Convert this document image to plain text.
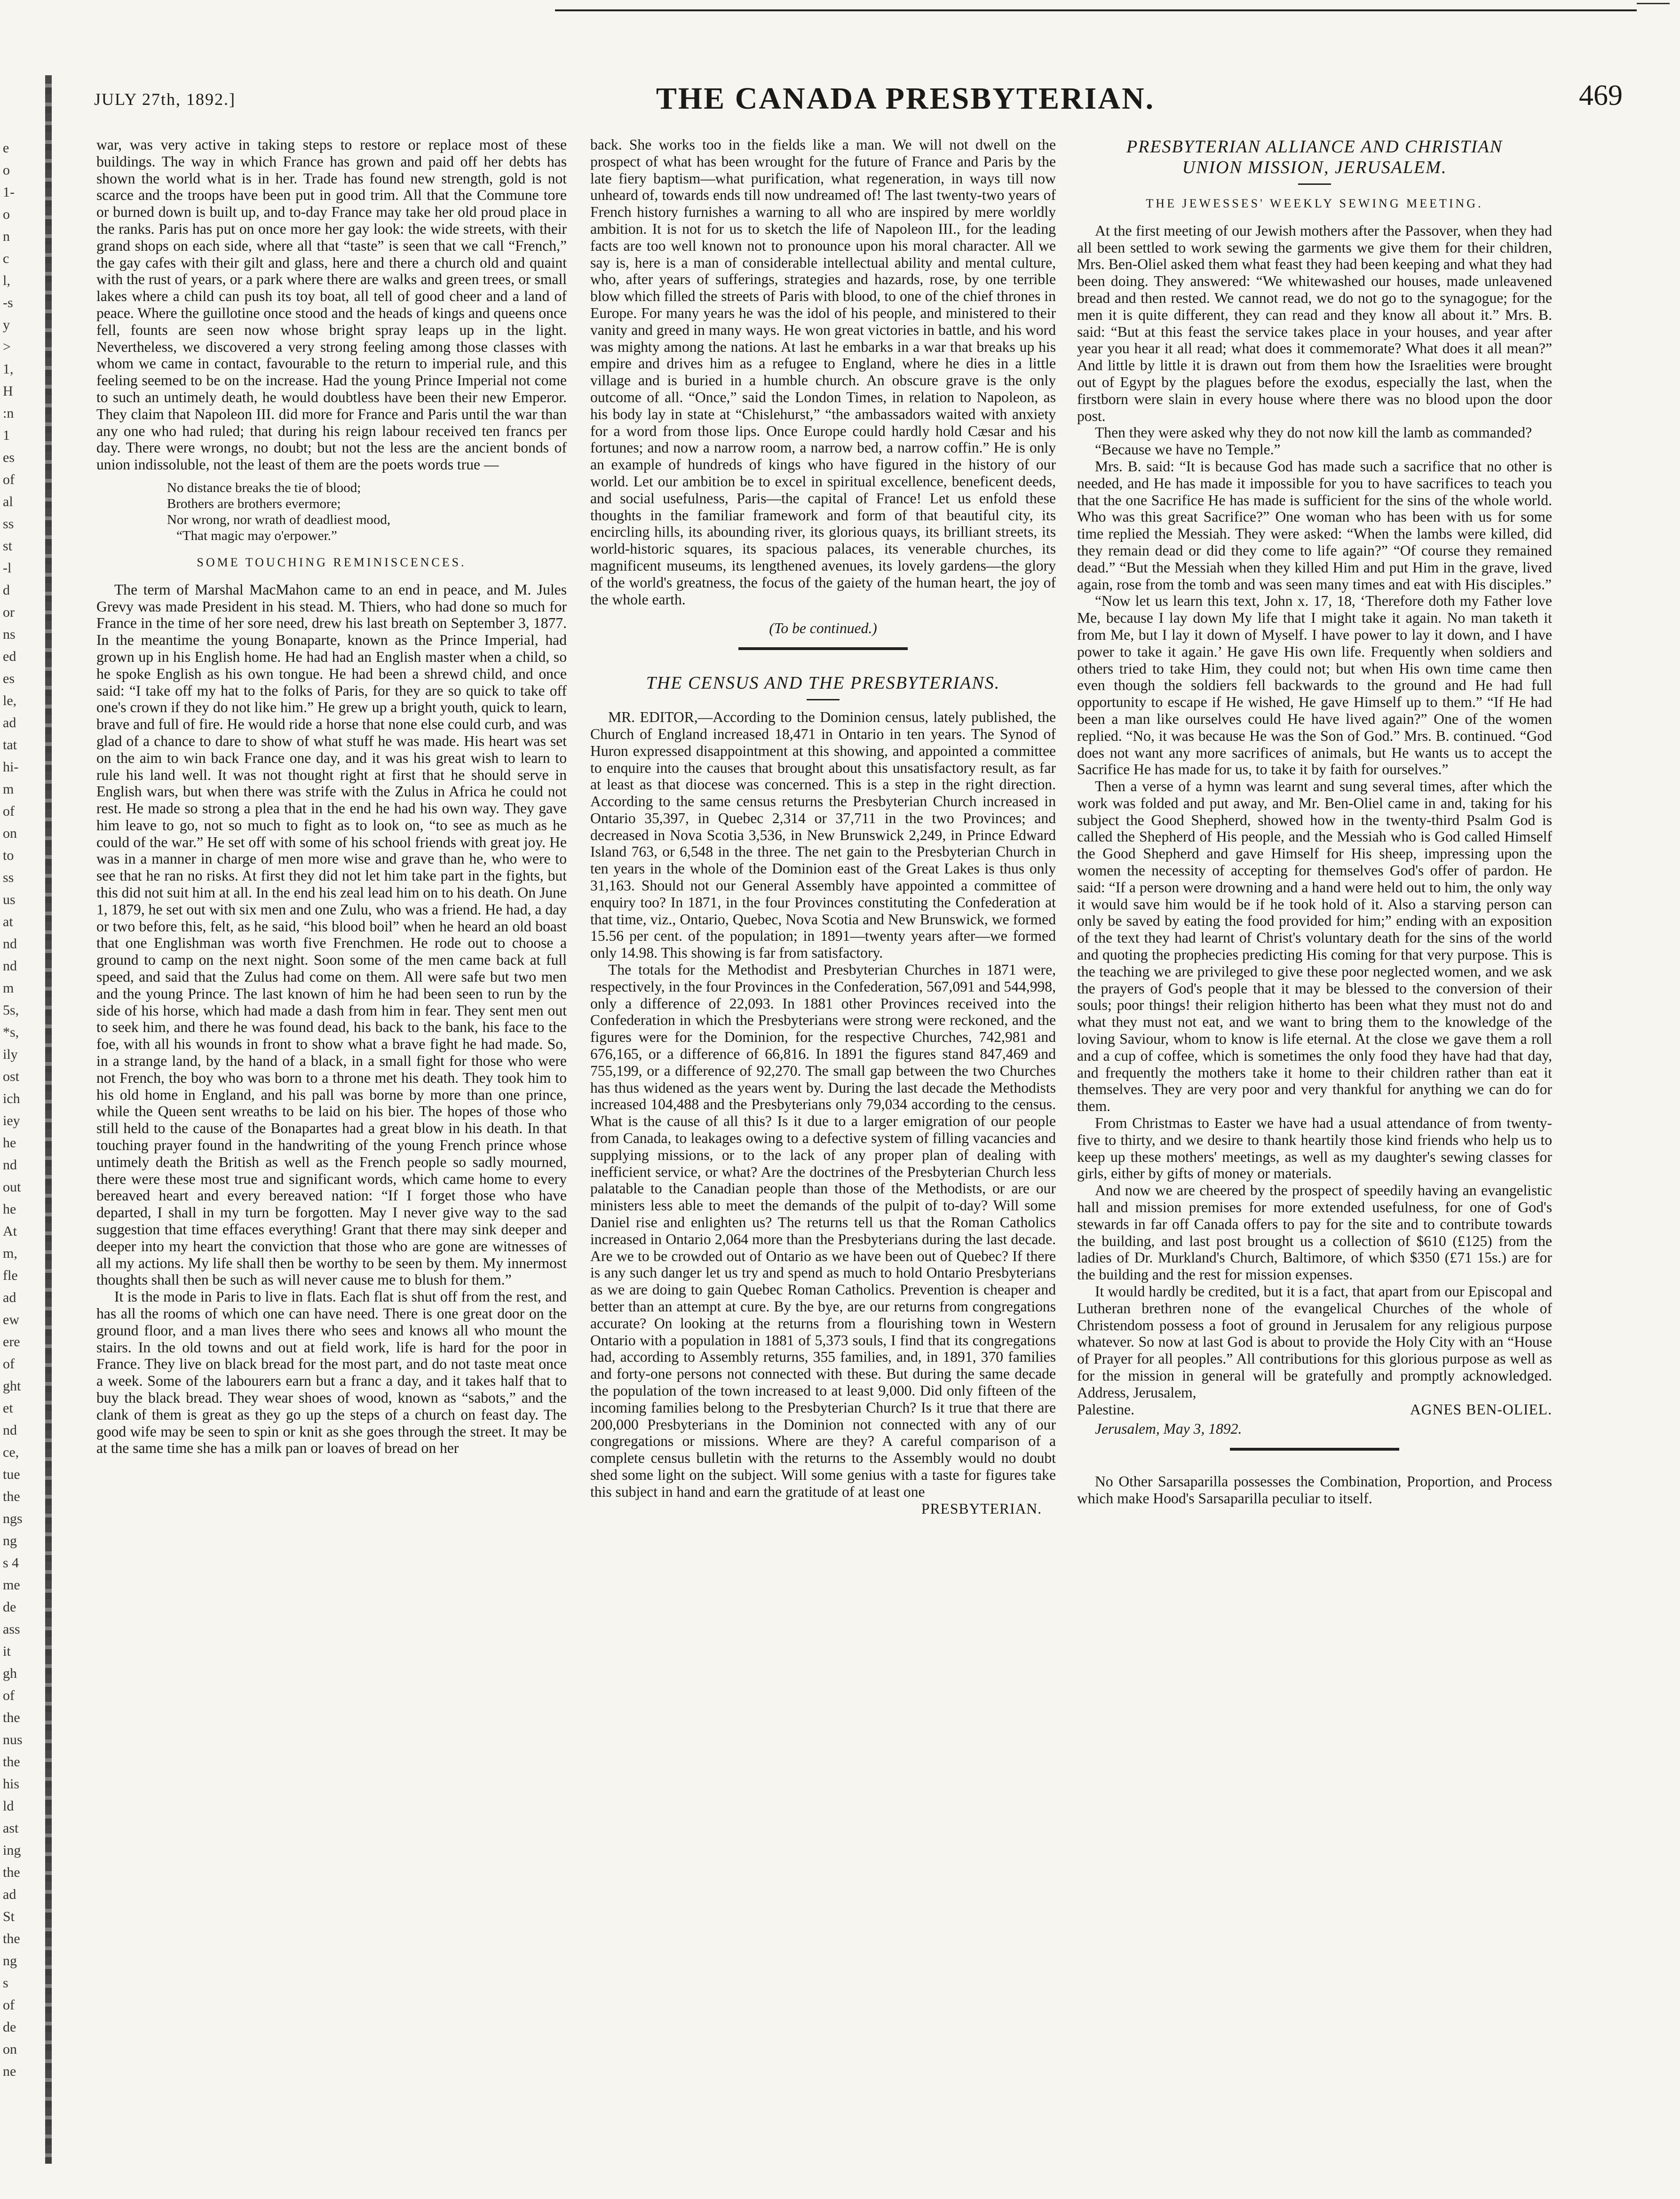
e
o
1-
o
n
c
l,
-s
y
>
1,
H
:n
1
es
of
al
ss
st
-l
d
or
ns
ed
es
le,
ad
tat
hi-
m
of
on
to
ss
us
at
nd
nd
m
5s,
*s,
ily
ost
ich
iey
he
nd
out
he
At
m,
fle
ad
ew
ere
of
ght
et
nd
ce,
tue
the
ngs
ng
s 4
me
de
ass
it
gh
of
the
nus
the
his
ld
ast
ing
the
ad
St
the
ng
s
of
de
on
ne
JULY 27th, 1892.]	THE CANADA PRESBYTERIAN.	469

war, was very active in taking steps to restore or replace most of these buildings. The way in which France has grown and paid off her debts has shown the world what is in her. Trade has found new strength, gold is not scarce and the troops have been put in good trim. All that the Commune tore or burned down is built up, and to-day France may take her old proud place in the ranks. Paris has put on once more her gay look: the wide streets, with their grand shops on each side, where all that “taste” is seen that we call “French,” the gay cafes with their gilt and glass, here and there a church old and quaint with the rust of years, or a park where there are walks and green trees, or small lakes where a child can push its toy boat, all tell of good cheer and a land of peace. Where the guillotine once stood and the heads of kings and queens once fell, founts are seen now whose bright spray leaps up in the light. Nevertheless, we discovered a very strong feeling among those classes with whom we came in contact, favourable to the return to imperial rule, and this feeling seemed to be on the increase. Had the young Prince Imperial not come to such an untimely death, he would doubtless have been their new Emperor. They claim that Napoleon III. did more for France and Paris until the war than any one who had ruled; that during his reign labour received ten francs per day. There were wrongs, no doubt; but not the less are the ancient bonds of union indissoluble, not the least of them are the poets words true —

No distance breaks the tie of blood;
Brothers are brothers evermore;
Nor wrong, nor wrath of deadliest mood,
“That magic may o'erpower.”
SOME TOUCHING REMINISCENCES.

The term of Marshal MacMahon came to an end in peace, and M. Jules Grevy was made President in his stead. M. Thiers, who had done so much for France in the time of her sore need, drew his last breath on September 3, 1877. In the meantime the young Bonaparte, known as the Prince Imperial, had grown up in his English home. He had had an English master when a child, so he spoke English as his own tongue. He had been a shrewd child, and once said: “I take off my hat to the folks of Paris, for they are so quick to take off one's crown if they do not like him.” He grew up a bright youth, quick to learn, brave and full of fire. He would ride a horse that none else could curb, and was glad of a chance to dare to show of what stuff he was made. His heart was set on the aim to win back France one day, and it was his great wish to learn to rule his land well. It was not thought right at first that he should serve in English wars, but when there was strife with the Zulus in Africa he could not rest. He made so strong a plea that in the end he had his own way. They gave him leave to go, not so much to fight as to look on, “to see as much as he could of the war.” He set off with some of his school friends with great joy. He was in a manner in charge of men more wise and grave than he, who were to see that he ran no risks. At first they did not let him take part in the fights, but this did not suit him at all. In the end his zeal lead him on to his death. On June 1, 1879, he set out with six men and one Zulu, who was a friend. He had, a day or two before this, felt, as he said, “his blood boil” when he heard an old boast that one Englishman was worth five Frenchmen. He rode out to choose a ground to camp on the next night. Soon some of the men came back at full speed, and said that the Zulus had come on them. All were safe but two men and the young Prince. The last known of him he had been seen to run by the side of his horse, which had made a dash from him in fear. They sent men out to seek him, and there he was found dead, his back to the bank, his face to the foe, with all his wounds in front to show what a brave fight he had made. So, in a strange land, by the hand of a black, in a small fight for those who were not French, the boy who was born to a throne met his death. They took him to his old home in England, and his pall was borne by more than one prince, while the Queen sent wreaths to be laid on his bier. The hopes of those who still held to the cause of the Bonapartes had a great blow in his death. In that touching prayer found in the handwriting of the young French prince whose untimely death the British as well as the French people so sadly mourned, there were these most true and significant words, which came home to every bereaved heart and every bereaved nation: “If I forget those who have departed, I shall in my turn be forgotten. May I never give way to the sad suggestion that time effaces everything! Grant that there may sink deeper and deeper into my heart the conviction that those who are gone are witnesses of all my actions. My life shall then be worthy to be seen by them. My innermost thoughts shall then be such as will never cause me to blush for them.”

It is the mode in Paris to live in flats. Each flat is shut off from the rest, and has all the rooms of which one can have need. There is one great door on the ground floor, and a man lives there who sees and knows all who mount the stairs. In the old towns and out at field work, life is hard for the poor in France. They live on black bread for the most part, and do not taste meat once a week. Some of the labourers earn but a franc a day, and it takes half that to buy the black bread. They wear shoes of wood, known as “sabots,” and the clank of them is great as they go up the steps of a church on feast day. The good wife may be seen to spin or knit as she goes through the street. It may be at the same time she has a milk pan or loaves of bread on her

back. She works too in the fields like a man. We will not dwell on the prospect of what has been wrought for the future of France and Paris by the late fiery baptism—what purification, what regeneration, in ways till now unheard of, towards ends till now undreamed of! The last twenty-two years of French history furnishes a warning to all who are inspired by mere worldly ambition. It is not for us to sketch the life of Napoleon III., for the leading facts are too well known not to pronounce upon his moral character. All we say is, here is a man of considerable intellectual ability and mental culture, who, after years of sufferings, strategies and hazards, rose, by one terrible blow which filled the streets of Paris with blood, to one of the chief thrones in Europe. For many years he was the idol of his people, and ministered to their vanity and greed in many ways. He won great victories in battle, and his word was mighty among the nations. At last he embarks in a war that breaks up his empire and drives him as a refugee to England, where he dies in a little village and is buried in a humble church. An obscure grave is the only outcome of all. “Once,” said the London Times, in relation to Napoleon, as his body lay in state at “Chislehurst,” “the ambassadors waited with anxiety for a word from those lips. Once Europe could hardly hold Cæsar and his fortunes; and now a narrow room, a narrow bed, a narrow coffin.” He is only an example of hundreds of kings who have figured in the history of our world. Let our ambition be to excel in spiritual excellence, beneficent deeds, and social usefulness, Paris—the capital of France! Let us enfold these thoughts in the familiar framework and form of that beautiful city, its encircling hills, its abounding river, its glorious quays, its brilliant streets, its world-historic squares, its spacious palaces, its venerable churches, its magnificent museums, its lengthened avenues, its lovely gardens—the glory of the world's greatness, the focus of the gaiety of the human heart, the joy of the whole earth.

(To be continued.)
THE CENSUS AND THE PRESBYTERIANS.

MR. EDITOR,—According to the Dominion census, lately published, the Church of England increased 18,471 in Ontario in ten years. The Synod of Huron expressed disappointment at this showing, and appointed a committee to enquire into the causes that brought about this unsatisfactory result, as far at least as that diocese was concerned. This is a step in the right direction. According to the same census returns the Presbyterian Church increased in Ontario 35,397, in Quebec 2,314 or 37,711 in the two Provinces; and decreased in Nova Scotia 3,536, in New Brunswick 2,249, in Prince Edward Island 763, or 6,548 in the three. The net gain to the Presbyterian Church in ten years in the whole of the Dominion east of the Great Lakes is thus only 31,163. Should not our General Assembly have appointed a committee of enquiry too? In 1871, in the four Provinces constituting the Confederation at that time, viz., Ontario, Quebec, Nova Scotia and New Brunswick, we formed 15.56 per cent. of the population; in 1891—twenty years after—we formed only 14.98. This showing is far from satisfactory.

The totals for the Methodist and Presbyterian Churches in 1871 were, respectively, in the four Provinces in the Confederation, 567,091 and 544,998, only a difference of 22,093. In 1881 other Provinces received into the Confederation in which the Presbyterians were strong were reckoned, and the figures were for the Dominion, for the respective Churches, 742,981 and 676,165, or a difference of 66,816. In 1891 the figures stand 847,469 and 755,199, or a difference of 92,270. The small gap between the two Churches has thus widened as the years went by. During the last decade the Methodists increased 104,488 and the Presbyterians only 79,034 according to the census. What is the cause of all this? Is it due to a larger emigration of our people from Canada, to leakages owing to a defective system of filling vacancies and supplying missions, or to the lack of any proper plan of dealing with inefficient service, or what? Are the doctrines of the Presbyterian Church less palatable to the Canadian people than those of the Methodists, or are our ministers less able to meet the demands of the pulpit of to-day? Will some Daniel rise and enlighten us? The returns tell us that the Roman Catholics increased in Ontario 2,064 more than the Presbyterians during the last decade. Are we to be crowded out of Ontario as we have been out of Quebec? If there is any such danger let us try and spend as much to hold Ontario Presbyterians as we are doing to gain Quebec Roman Catholics. Prevention is cheaper and better than an attempt at cure. By the bye, are our returns from congregations accurate? On looking at the returns from a flourishing town in Western Ontario with a population in 1881 of 5,373 souls, I find that its congregations had, according to Assembly returns, 355 families, and, in 1891, 370 families and forty-one persons not connected with these. But during the same decade the population of the town increased to at least 9,000. Did only fifteen of the incoming families belong to the Presbyterian Church? Is it true that there are 200,000 Presbyterians in the Dominion not connected with any of our congregations or missions. Where are they? A careful comparison of a complete census bulletin with the returns to the Assembly would no doubt shed some light on the subject. Will some genius with a taste for figures take this subject in hand and earn the gratitude of at least one

PRESBYTERIAN.
PRESBYTERIAN ALLIANCE AND CHRISTIAN
UNION MISSION, JERUSALEM.
THE JEWESSES' WEEKLY SEWING MEETING.

At the first meeting of our Jewish mothers after the Passover, when they had all been settled to work sewing the garments we give them for their children, Mrs. Ben-Oliel asked them what feast they had been keeping and what they had been doing. They answered: “We whitewashed our houses, made unleavened bread and then rested. We cannot read, we do not go to the synagogue; for the men it is quite different, they can read and they know all about it.” Mrs. B. said: “But at this feast the service takes place in your houses, and year after year you hear it all read; what does it commemorate? What does it all mean?” And little by little it is drawn out from them how the Israelities were brought out of Egypt by the plagues before the exodus, especially the last, when the firstborn were slain in every house where there was no blood upon the door post.

Then they were asked why they do not now kill the lamb as commanded?

“Because we have no Temple.”

Mrs. B. said: “It is because God has made such a sacrifice that no other is needed, and He has made it impossible for you to have sacrifices to teach you that the one Sacrifice He has made is sufficient for the sins of the whole world. Who was this great Sacrifice?” One woman who has been with us for some time replied the Messiah. They were asked: “When the lambs were killed, did they remain dead or did they come to life again?” “Of course they remained dead.” “But the Messiah when they killed Him and put Him in the grave, lived again, rose from the tomb and was seen many times and eat with His disciples.”

“Now let us learn this text, John x. 17, 18, ‘Therefore doth my Father love Me, because I lay down My life that I might take it again. No man taketh it from Me, but I lay it down of Myself. I have power to lay it down, and I have power to take it again.’ He gave His own life. Frequently when soldiers and others tried to take Him, they could not; but when His own time came then even though the soldiers fell backwards to the ground and He had full opportunity to escape if He wished, He gave Himself up to them.” “If He had been a man like ourselves could He have lived again?” One of the women replied. “No, it was because He was the Son of God.” Mrs. B. continued. “God does not want any more sacrifices of animals, but He wants us to accept the Sacrifice He has made for us, to take it by faith for ourselves.”

Then a verse of a hymn was learnt and sung several times, after which the work was folded and put away, and Mr. Ben-Oliel came in and, taking for his subject the Good Shepherd, showed how in the twenty-third Psalm God is called the Shepherd of His people, and the Messiah who is God called Himself the Good Shepherd and gave Himself for His sheep, impressing upon the women the necessity of accepting for themselves God's offer of pardon. He said: “If a person were drowning and a hand were held out to him, the only way it would save him would be if he took hold of it. Also a starving person can only be saved by eating the food provided for him;” ending with an exposition of the text they had learnt of Christ's voluntary death for the sins of the world and quoting the prophecies predicting His coming for that very purpose. This is the teaching we are privileged to give these poor neglected women, and we ask the prayers of God's people that it may be blessed to the conversion of their souls; poor things! their religion hitherto has been what they must not do and what they must not eat, and we want to bring them to the knowledge of the loving Saviour, whom to know is life eternal. At the close we gave them a roll and a cup of coffee, which is sometimes the only food they have had that day, and frequently the mothers take it home to their children rather than eat it themselves. They are very poor and very thankful for anything we can do for them.

From Christmas to Easter we have had a usual attendance of from twenty-five to thirty, and we desire to thank heartily those kind friends who help us to keep up these mothers' meetings, as well as my daughter's sewing classes for girls, either by gifts of money or materials.

And now we are cheered by the prospect of speedily having an evangelistic hall and mission premises for more extended usefulness, for one of God's stewards in far off Canada offers to pay for the site and to contribute towards the building, and last post brought us a collection of $610 (£125) from the ladies of Dr. Murkland's Church, Baltimore, of which $350 (£71 15s.) are for the building and the rest for mission expenses.

It would hardly be credited, but it is a fact, that apart from our Episcopal and Lutheran brethren none of the evangelical Churches of the whole of Christendom possess a foot of ground in Jerusalem for any religious purpose whatever. So now at last God is about to provide the Holy City with an “House of Prayer for all peoples.” All contributions for this glorious purpose as well as for the mission in general will be gratefully and promptly acknowledged. Address, Jerusalem,

Palestine.	AGNES BEN-OLIEL.
Jerusalem, May 3, 1892.

No Other Sarsaparilla possesses the Combination, Proportion, and Process which make Hood's Sarsaparilla peculiar to itself.
